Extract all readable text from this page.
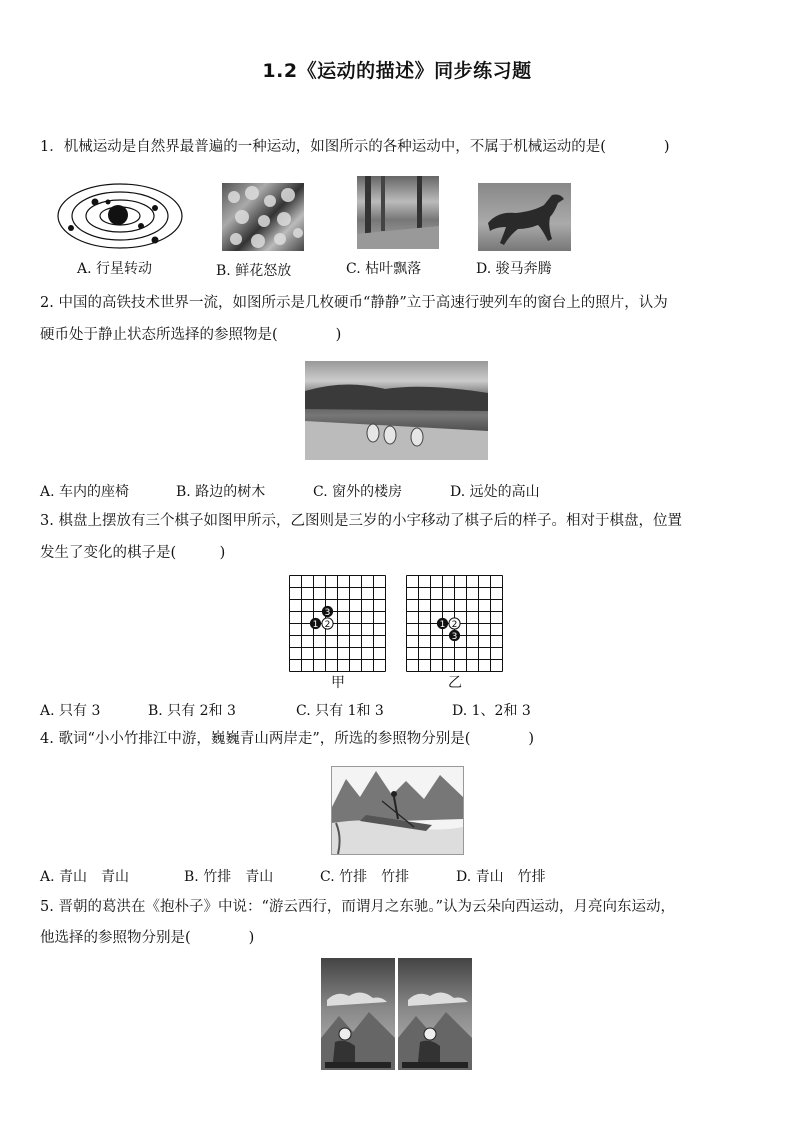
1.2《运动的描述》同步练习题
1．机械运动是自然界最普遍的一种运动，如图所示的各种运动中，不属于机械运动的是(　　　　)
A. 行星转动	B. 鲜花怒放	C. 枯叶飘落	D. 骏马奔腾
2. 中国的高铁技术世界一流，如图所示是几枚硬币“静静”立于高速行驶列车的窗台上的照片，认为
硬币处于静止状态所选择的参照物是(　　　　)
A. 车内的座椅	B. 路边的树木	C. 窗外的楼房	D. 远处的高山
3. 棋盘上摆放有三个棋子如图甲所示，乙图则是三岁的小宇移动了棋子后的样子。相对于棋盘，位置
发生了变化的棋子是(　　　)
1 2
3
1 2
3
甲	乙
A. 只有 3	B. 只有 2和 3	C. 只有 1和 3	D. 1、2和 3
4. 歌词“小小竹排江中游，巍巍青山两岸走”，所选的参照物分别是(　　　　)
A. 青山　青山	B. 竹排　青山	C. 竹排　竹排	D. 青山　竹排
5. 晋朝的葛洪在《抱朴子》中说：“游云西行，而谓月之东驰。”认为云朵向西运动，月亮向东运动，
他选择的参照物分别是(　　　　)
